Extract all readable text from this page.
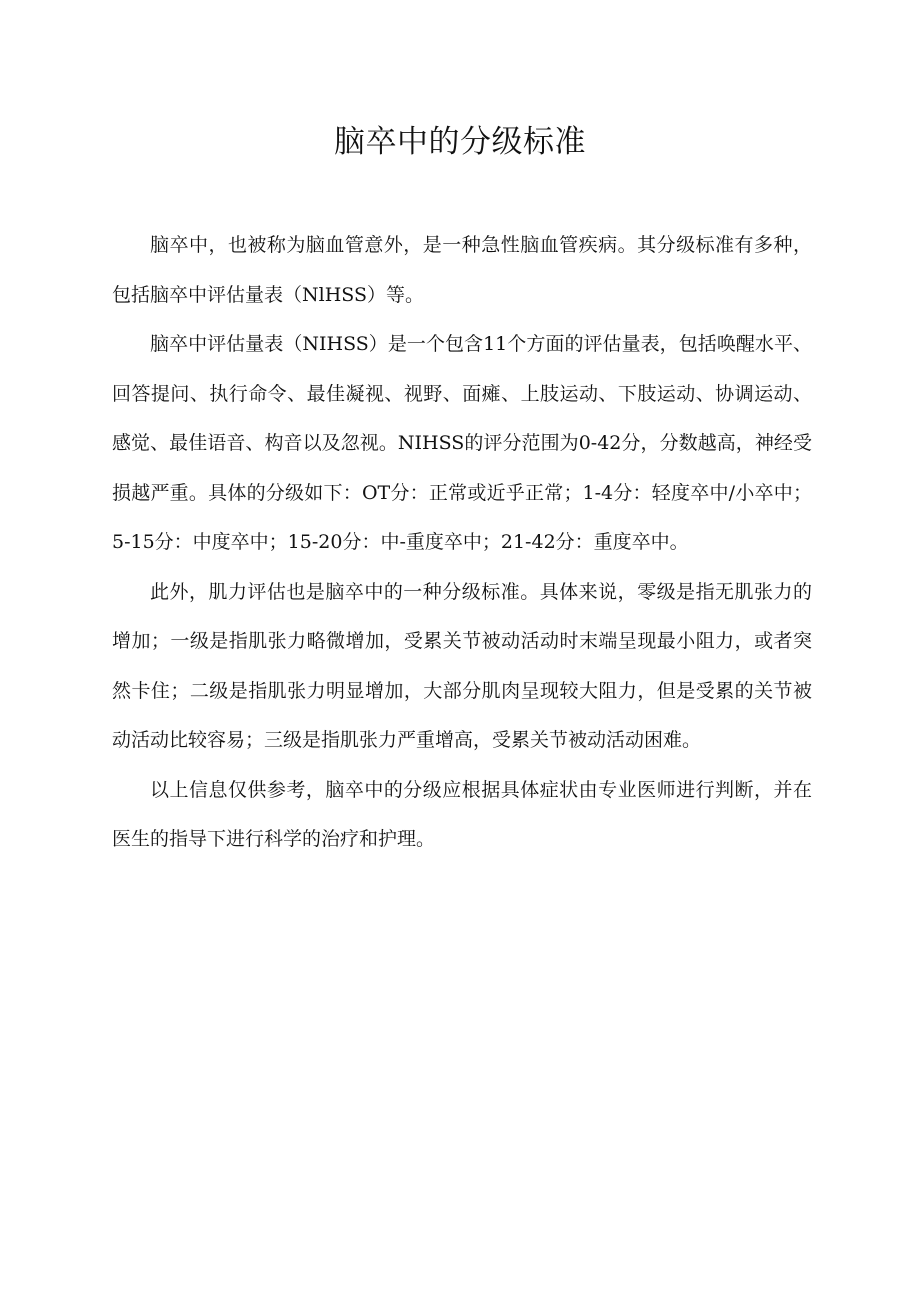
脑卒中的分级标准

脑卒中，也被称为脑血管意外，是一种急性脑血管疾病。其分级标准有多种，包括脑卒中评估量表（NlHSS）等。

脑卒中评估量表（NIHSS）是一个包含11个方面的评估量表，包括唤醒水平、回答提问、执行命令、最佳凝视、视野、面瘫、上肢运动、下肢运动、协调运动、感觉、最佳语音、构音以及忽视。NIHSS的评分范围为0-42分，分数越高，神经受损越严重。具体的分级如下：OT分：正常或近乎正常；1-4分：轻度卒中/小卒中；5-15分：中度卒中；15-20分：中-重度卒中；21-42分：重度卒中。

此外，肌力评估也是脑卒中的一种分级标准。具体来说，零级是指无肌张力的增加；一级是指肌张力略微增加，受累关节被动活动时末端呈现最小阻力，或者突然卡住；二级是指肌张力明显增加，大部分肌肉呈现较大阻力，但是受累的关节被动活动比较容易；三级是指肌张力严重增高，受累关节被动活动困难。

以上信息仅供参考，脑卒中的分级应根据具体症状由专业医师进行判断，并在医生的指导下进行科学的治疗和护理。
